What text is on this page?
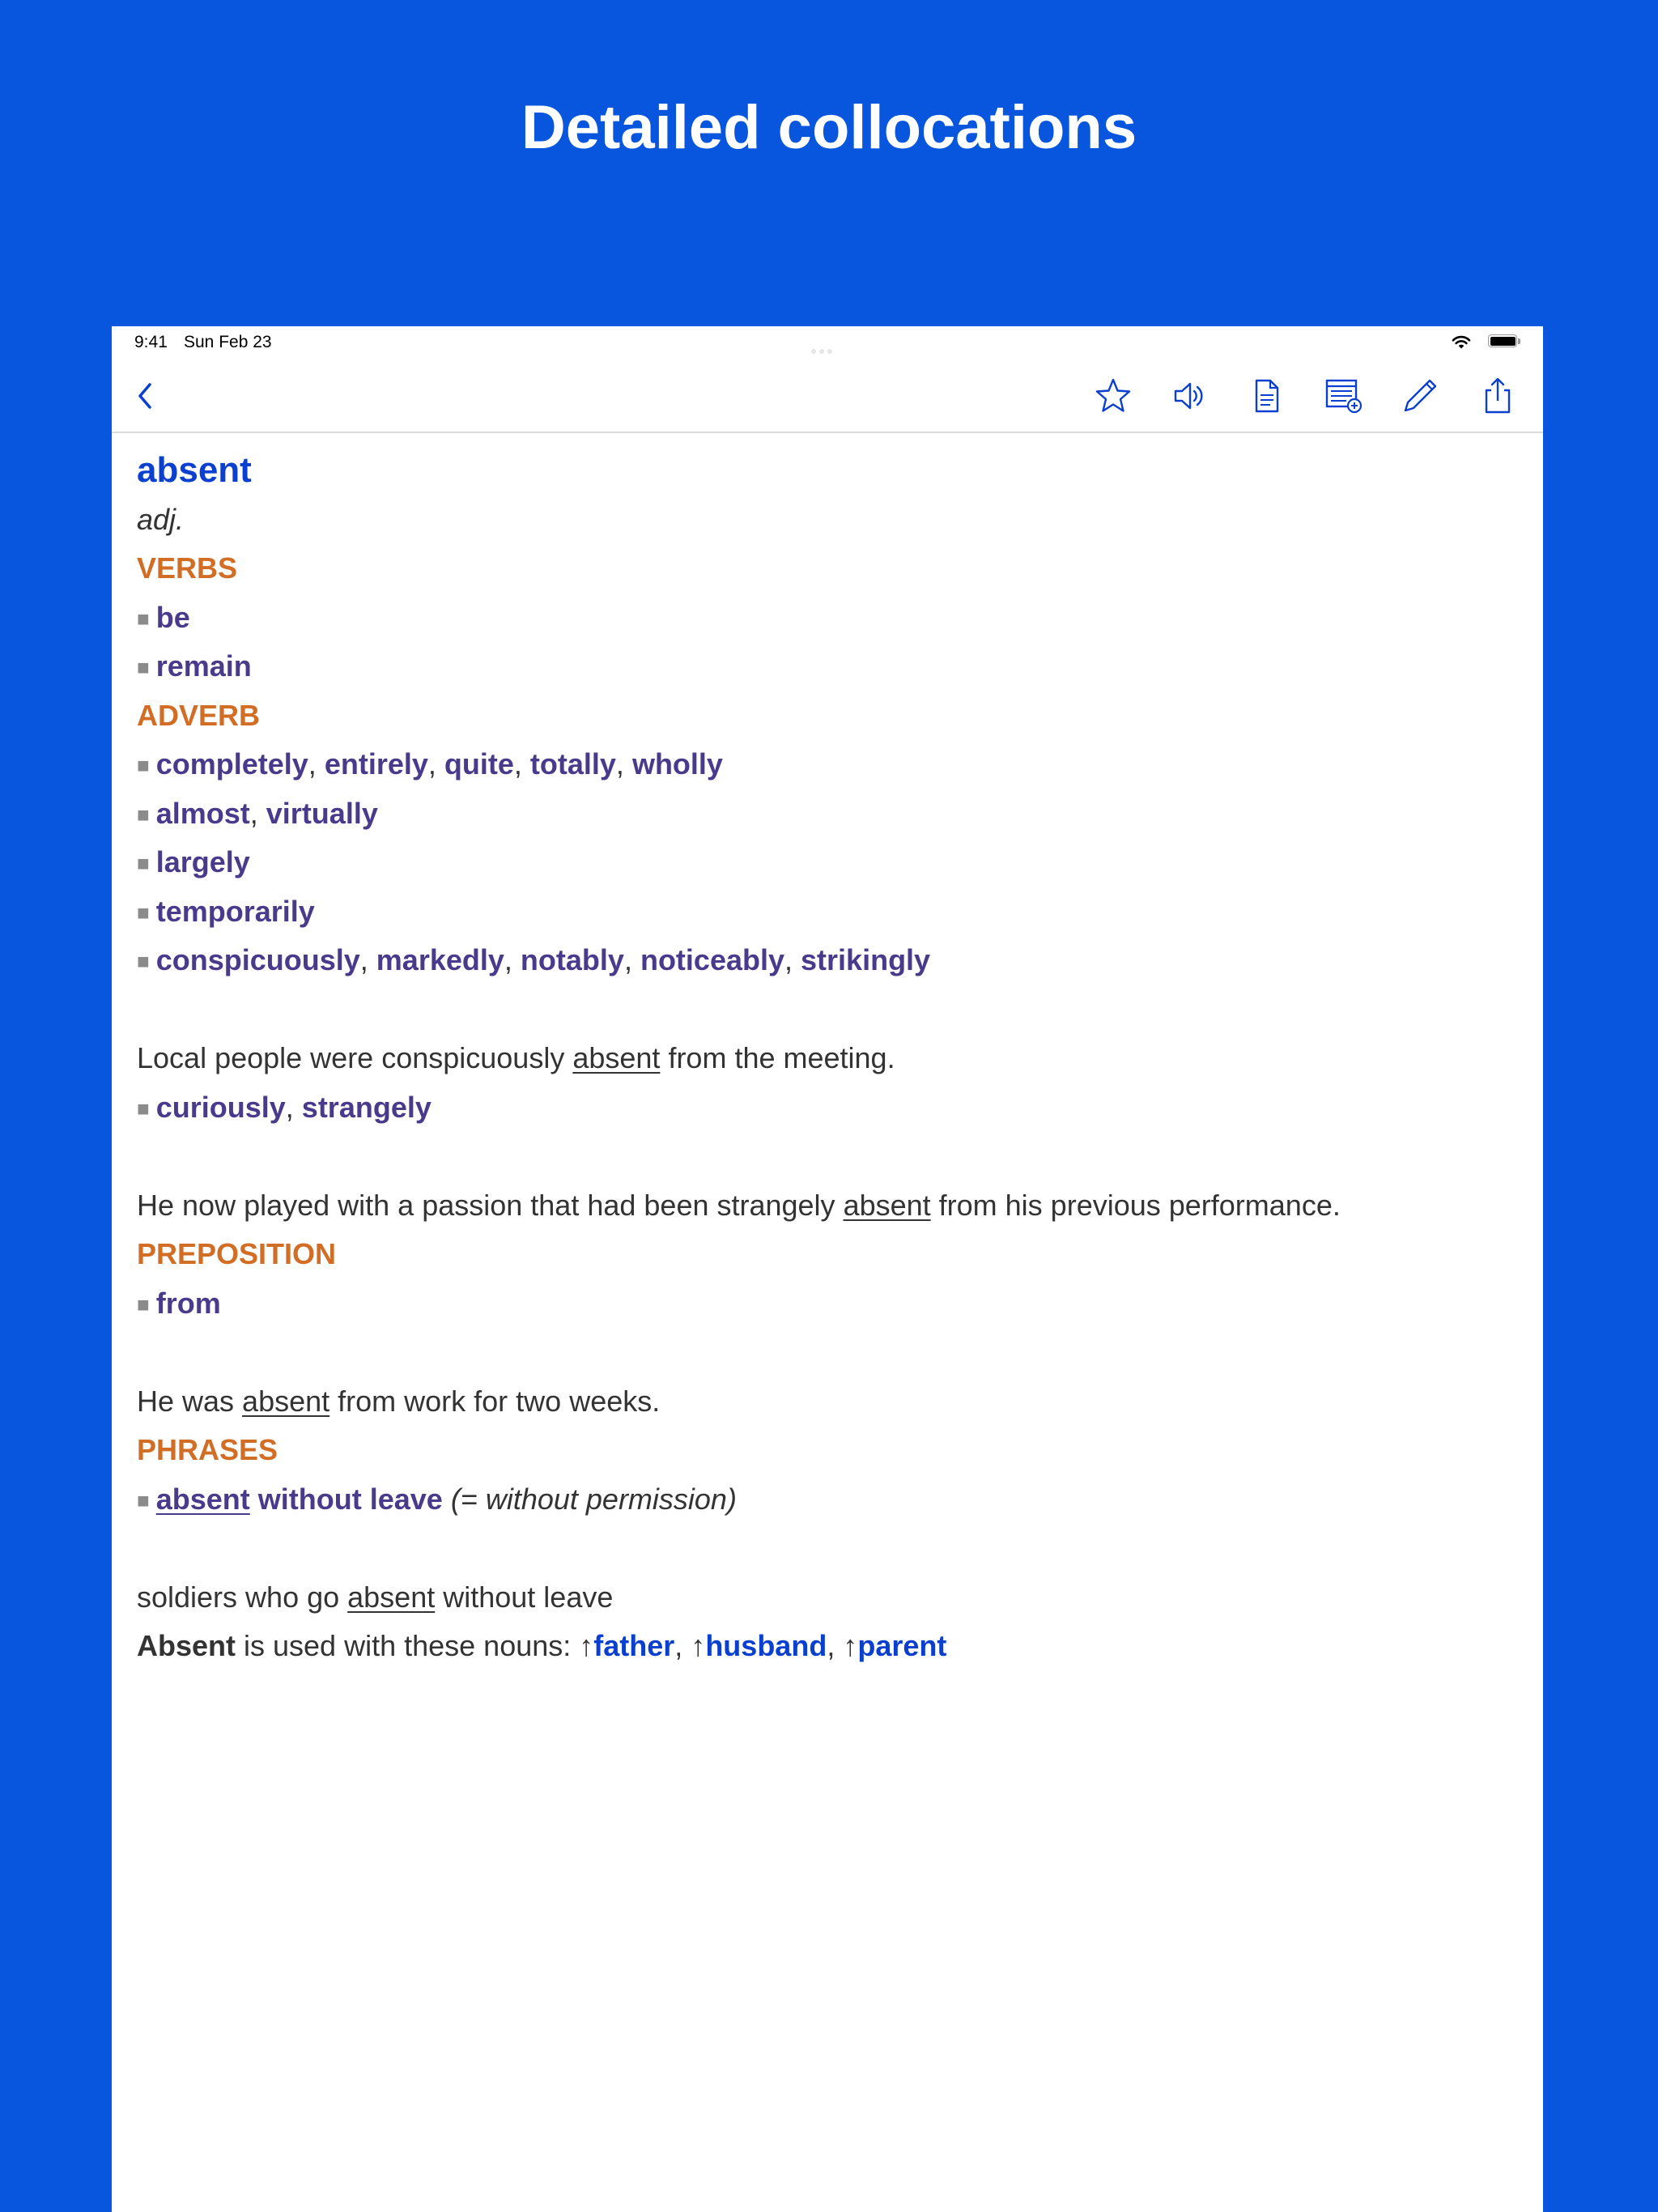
Detailed collocations
9:41 Sun Feb 23
absent
adj.
VERBS
■ be
■ remain
ADVERB
■ completely, entirely, quite, totally, wholly
■ almost, virtually
■ largely
■ temporarily
■ conspicuously, markedly, notably, noticeably, strikingly
Local people were conspicuously absent from the meeting.
■ curiously, strangely
He now played with a passion that had been strangely absent from his previous performance.
PREPOSITION
■ from
He was absent from work for two weeks.
PHRASES
■ absent without leave (= without permission)
soldiers who go absent without leave
Absent is used with these nouns: ↑father, ↑husband, ↑parent
